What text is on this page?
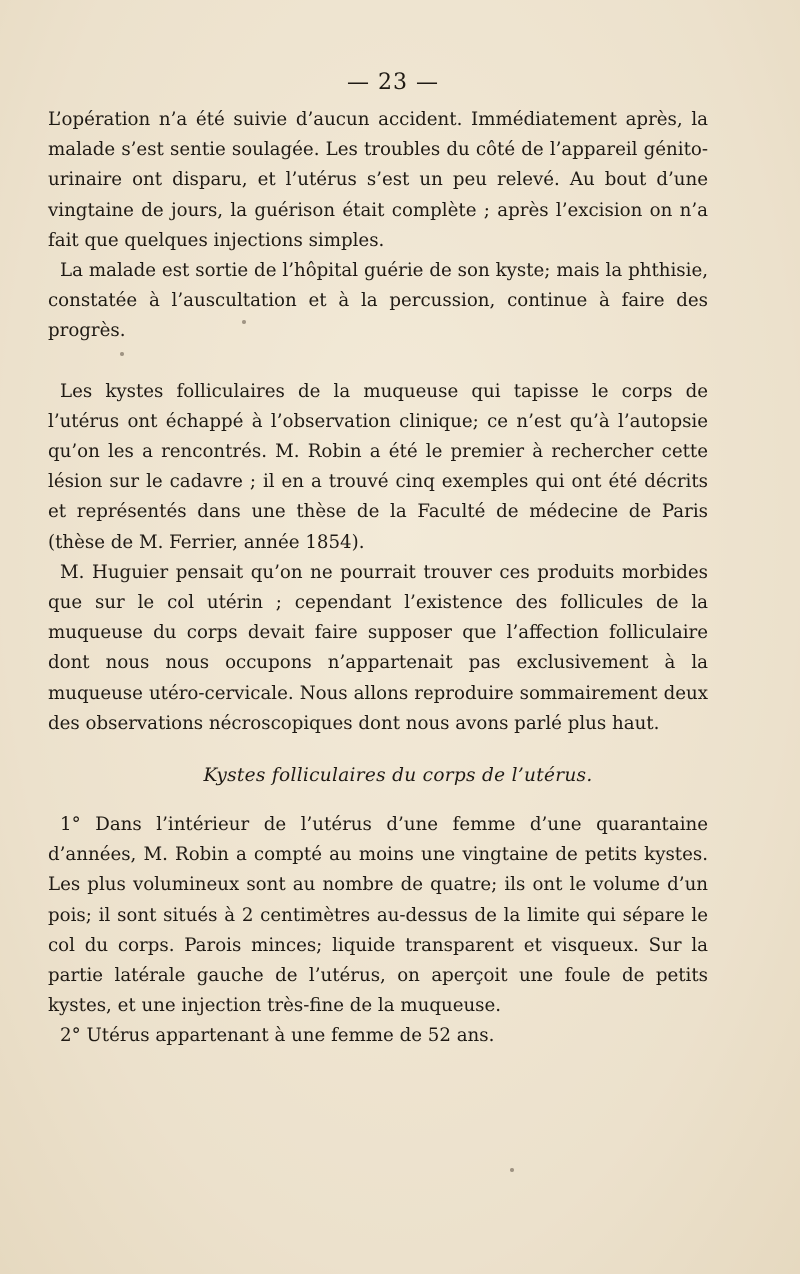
— 23 —

L’opération n’a été suivie d’aucun accident. Immédiatement après, la malade s’est sentie soulagée. Les troubles du côté de l’appareil génito-urinaire ont disparu, et l’utérus s’est un peu relevé. Au bout d’une vingtaine de jours, la guérison était complète ; après l’excision on n’a fait que quelques injections simples.

La malade est sortie de l’hôpital guérie de son kyste; mais la phthisie, constatée à l’auscultation et à la percussion, continue à faire des progrès.

Les kystes folliculaires de la muqueuse qui tapisse le corps de l’utérus ont échappé à l’observation clinique; ce n’est qu’à l’autopsie qu’on les a rencontrés. M. Robin a été le premier à rechercher cette lésion sur le cadavre ; il en a trouvé cinq exemples qui ont été décrits et représentés dans une thèse de la Faculté de médecine de Paris (thèse de M. Ferrier, année 1854).

M. Huguier pensait qu’on ne pourrait trouver ces produits morbides que sur le col utérin ; cependant l’existence des follicules de la muqueuse du corps devait faire supposer que l’affection folliculaire dont nous nous occupons n’appartenait pas exclusivement à la muqueuse utéro-cervicale. Nous allons reproduire sommairement deux des observations nécroscopiques dont nous avons parlé plus haut.

Kystes folliculaires du corps de l’utérus.

1° Dans l’intérieur de l’utérus d’une femme d’une quarantaine d’années, M. Robin a compté au moins une vingtaine de petits kystes. Les plus volumineux sont au nombre de quatre; ils ont le volume d’un pois; il sont situés à 2 centimètres au-dessus de la limite qui sépare le col du corps. Parois minces; liquide transparent et visqueux. Sur la partie latérale gauche de l’utérus, on aperçoit une foule de petits kystes, et une injection très-fine de la muqueuse.

2° Utérus appartenant à une femme de 52 ans.
